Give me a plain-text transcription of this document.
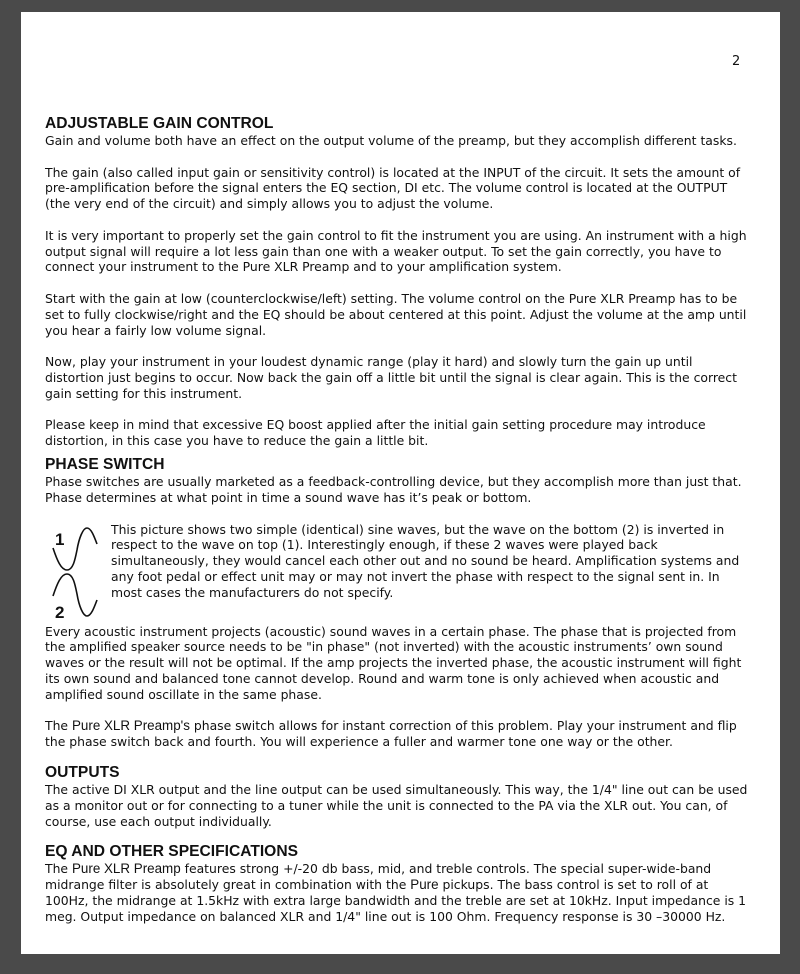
2
ADJUSTABLE GAIN CONTROL

Gain and volume both have an effect on the output volume of the preamp, but they accomplish different tasks.

The gain (also called input gain or sensitivity control) is located at the INPUT of the circuit. It sets the amount of pre-amplification before the signal enters the EQ section, DI etc. The volume control is located at the OUTPUT (the very end of the circuit) and simply allows you to adjust the volume.

It is very important to properly set the gain control to fit the instrument you are using. An instrument with a high output signal will require a lot less gain than one with a weaker output. To set the gain correctly, you have to connect your instrument to the Pure XLR Preamp and to your amplification system.

Start with the gain at low (counterclockwise/left) setting. The volume control on the Pure XLR Preamp has to be set to fully clockwise/right and the EQ should be about centered at this point. Adjust the volume at the amp until you hear a fairly low volume signal.

Now, play your instrument in your loudest dynamic range (play it hard) and slowly turn the gain up until distortion just begins to occur. Now back the gain off a little bit until the signal is clear again. This is the correct gain setting for this instrument.

Please keep in mind that excessive EQ boost applied after the initial gain setting procedure may introduce distortion, in this case you have to reduce the gain a little bit.

PHASE SWITCH

Phase switches are usually marketed as a feedback-controlling device, but they accomplish more than just that. Phase determines at what point in time a sound wave has it’s peak or bottom.

1
2
This picture shows two simple (identical) sine waves, but the wave on the bottom (2) is inverted in respect to the wave on top (1). Interestingly enough, if these 2 waves were played back simultaneously, they would cancel each other out and no sound be heard. Amplification systems and any foot pedal or effect unit may or may not invert the phase with respect to the signal sent in. In most cases the manufacturers do not specify.

Every acoustic instrument projects (acoustic) sound waves in a certain phase. The phase that is projected from the amplified speaker source needs to be "in phase" (not inverted) with the acoustic instruments’ own sound waves or the result will not be optimal. If the amp projects the inverted phase, the acoustic instrument will fight its own sound and balanced tone cannot develop. Round and warm tone is only achieved when acoustic and amplified sound oscillate in the same phase.

The Pure XLR Preamp's phase switch allows for instant correction of this problem. Play your instrument and flip the phase switch back and fourth. You will experience a fuller and warmer tone one way or the other.

OUTPUTS

The active DI XLR output and the line output can be used simultaneously. This way, the 1/4" line out can be used as a monitor out or for connecting to a tuner while the unit is connected to the PA via the XLR out. You can, of course, use each output individually.

EQ AND OTHER SPECIFICATIONS

The Pure XLR Preamp features strong +/-20 db bass, mid, and treble controls. The special super-wide-band midrange filter is absolutely great in combination with the Pure pickups. The bass control is set to roll of at 100Hz, the midrange at 1.5kHz with extra large bandwidth and the treble are set at 10kHz. Input impedance is 1 meg. Output impedance on balanced XLR and 1/4" line out is 100 Ohm. Frequency response is 30 –30000 Hz.
